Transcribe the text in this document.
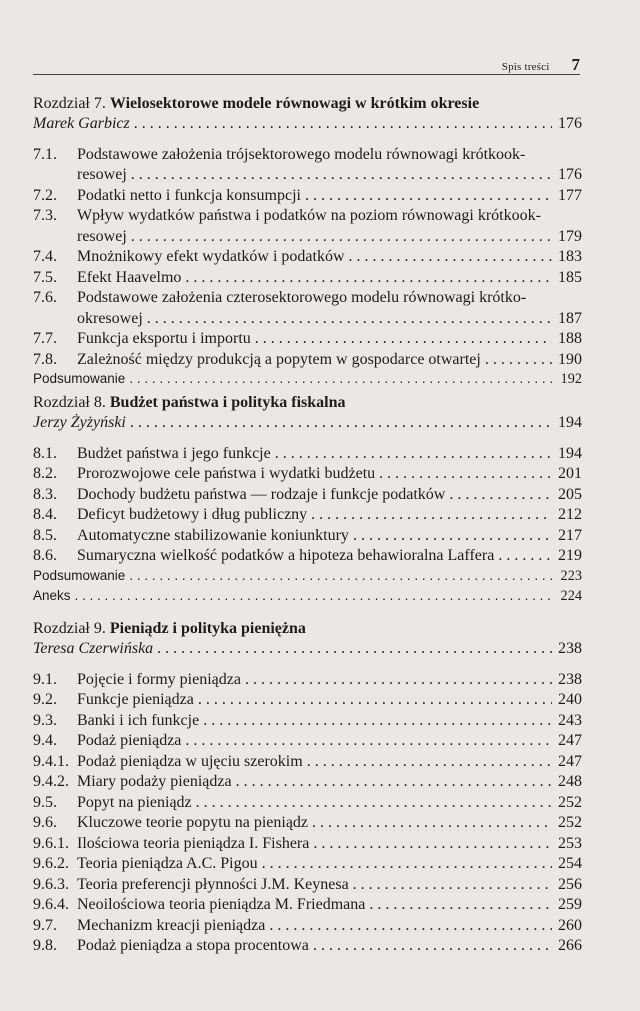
Spis treści 7
Rozdział 7. Wielosektorowe modele równowagi w krótkim okresie
Marek Garbicz . . .	176
7.1.	Podstawowe założenia trójsektorowego modelu równowagi krótkook-
resowej . . .	176
7.2.	Podatki netto i funkcja konsumpcji . . .	177
7.3.	Wpływ wydatków państwa i podatków na poziom równowagi krótkook-
resowej . . .	179
7.4.	Mnożnikowy efekt wydatków i podatków . . .	183
7.5.	Efekt Haavelmo . . .	185
7.6.	Podstawowe założenia czterosektorowego modelu równowagi krótko-
okresowej . . .	187
7.7.	Funkcja eksportu i importu . . .	188
7.8.	Zależność między produkcją a popytem w gospodarce otwartej . . .	190
Podsumowanie . . .	192
Rozdział 8. Budżet państwa i polityka fiskalna
Jerzy Żyżyński . . .	194
8.1.	Budżet państwa i jego funkcje . . .	194
8.2.	Prorozwojowe cele państwa i wydatki budżetu . . .	201
8.3.	Dochody budżetu państwa — rodzaje i funkcje podatków . . .	205
8.4.	Deficyt budżetowy i dług publiczny . . .	212
8.5.	Automatyczne stabilizowanie koniunktury . . .	217
8.6.	Sumaryczna wielkość podatków a hipoteza behawioralna Laffera . . .	219
Podsumowanie . . .	223
Aneks . . .	224
Rozdział 9. Pieniądz i polityka pieniężna
Teresa Czerwińska . . .	238
9.1.	Pojęcie i formy pieniądza . . .	238
9.2.	Funkcje pieniądza . . .	240
9.3.	Banki i ich funkcje . . .	243
9.4.	Podaż pieniądza . . .	247
9.4.1. Podaż pieniądza w ujęciu szerokim . . .	247
9.4.2. Miary podaży pieniądza . . .	248
9.5.	Popyt na pieniądz . . .	252
9.6.	Kluczowe teorie popytu na pieniądz . . .	252
9.6.1. Ilościowa teoria pieniądza I. Fishera . . .	253
9.6.2. Teoria pieniądza A.C. Pigou . . .	254
9.6.3. Teoria preferencji płynności J.M. Keynesa . . .	256
9.6.4. Neoilościowa teoria pieniądza M. Friedmana . . .	259
9.7.	Mechanizm kreacji pieniądza . . .	260
9.8.	Podaż pieniądza a stopa procentowa . . .	266
